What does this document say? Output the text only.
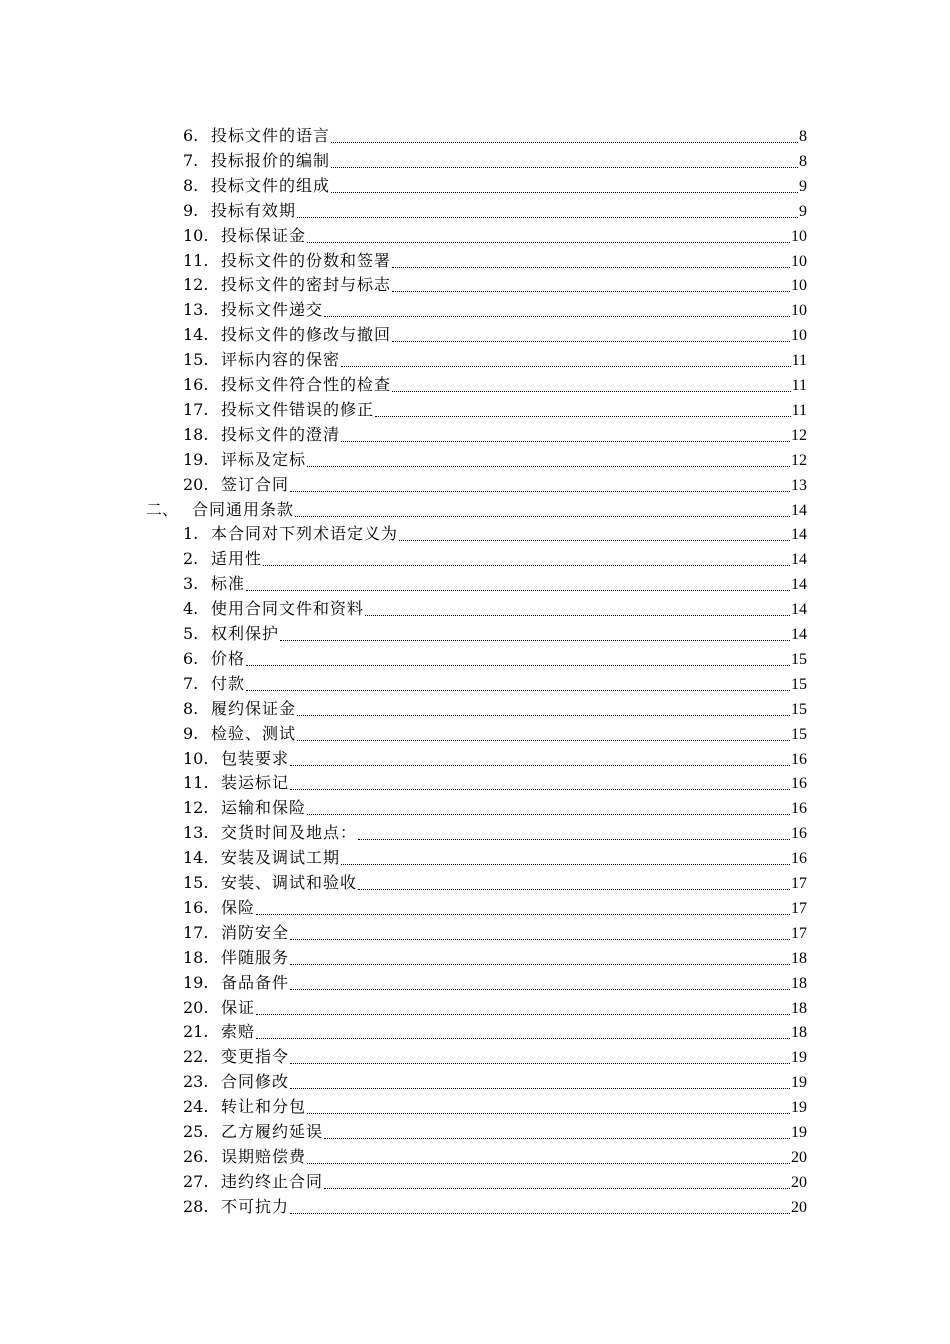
6. 投标文件的语言	8
7. 投标报价的编制	8
8. 投标文件的组成	9
9. 投标有效期	9
10. 投标保证金	10
11. 投标文件的份数和签署	10
12. 投标文件的密封与标志	10
13. 投标文件递交	10
14. 投标文件的修改与撤回	10
15. 评标内容的保密	11
16. 投标文件符合性的检查	11
17. 投标文件错误的修正	11
18. 投标文件的澄清	12
19. 评标及定标	12
20. 签订合同	13
二、 合同通用条款	14
1. 本合同对下列术语定义为	14
2. 适用性	14
3. 标准	14
4. 使用合同文件和资料	14
5. 权利保护	14
6. 价格	15
7. 付款	15
8. 履约保证金	15
9. 检验、测试	15
10. 包装要求	16
11. 装运标记	16
12. 运输和保险	16
13. 交货时间及地点：	16
14. 安装及调试工期	16
15. 安装、调试和验收	17
16. 保险	17
17. 消防安全	17
18. 伴随服务	18
19. 备品备件	18
20. 保证	18
21. 索赔	18
22. 变更指令	19
23. 合同修改	19
24. 转让和分包	19
25. 乙方履约延误	19
26. 误期赔偿费	20
27. 违约终止合同	20
28. 不可抗力	20
